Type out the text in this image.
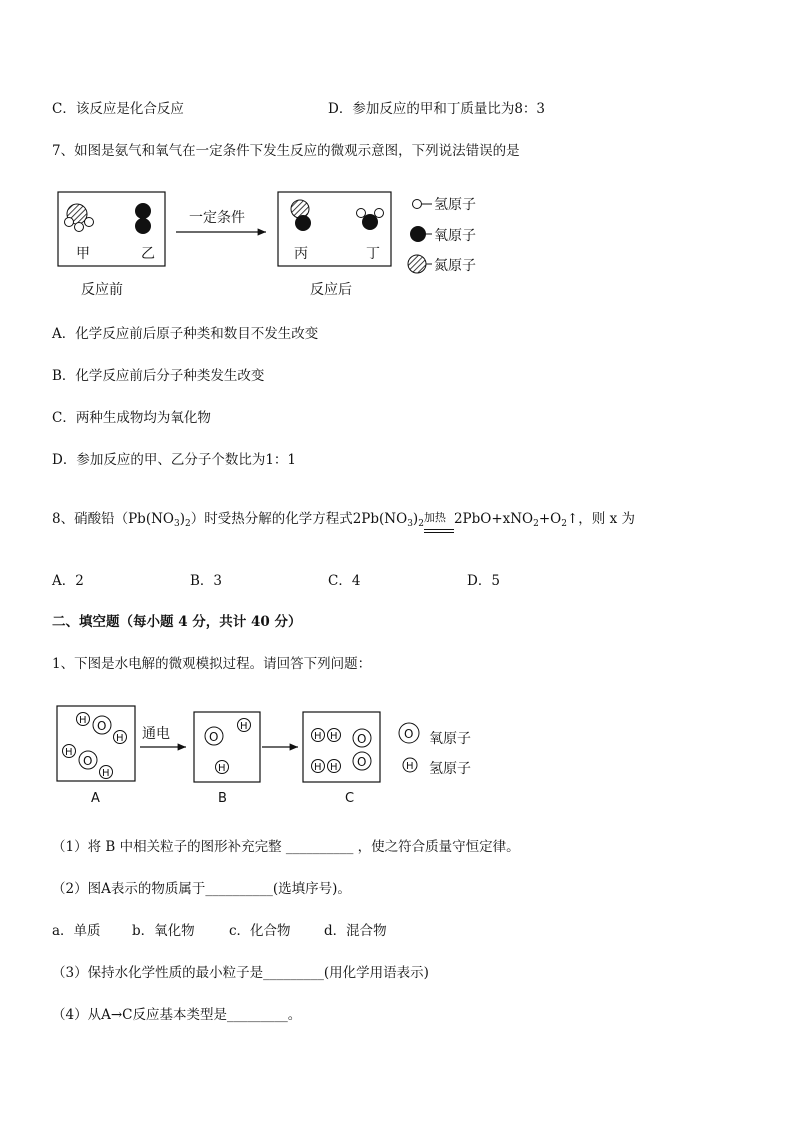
C．该反应是化合反应	D．参加反应的甲和丁质量比为8：3
7、如图是氨气和氧气在一定条件下发生反应的微观示意图，下列说法错误的是
甲	乙
一定条件
丙	丁
氢原子
氧原子
氮原子
反应前	反应后
A．化学反应前后原子种类和数目不发生改变
B．化学反应前后分子种类发生改变
C．两种生成物均为氧化物
D．参加反应的甲、乙分子个数比为1：1
8、硝酸铅$(Pb(NO_3)_2)$时受热分解的化学方程式$2Pb(NO_3)_2$ 加热 $2PbO+xNO_2+O_2↑$，则 x 为
A．2	B．3	C．4	D．5
二、填空题（每小题 4 分，共计 40 分）
1、下图是水电解的微观模拟过程。请回答下列问题：
H O
H
H
O
H
A
通电	O
H
H
B
H H
H H
O
O
C
O 氧原子
H 氢原子
（1）将 B 中相关粒子的图形补充完整 __________ ，使之符合质量守恒定律。
（2）图A表示的物质属于__________(选填序号)。
a．单质 b．氧化物	c．化合物 d．混合物
（3）保持水化学性质的最小粒子是_________(用化学用语表示)
（4）从A→C反应基本类型是_________。
